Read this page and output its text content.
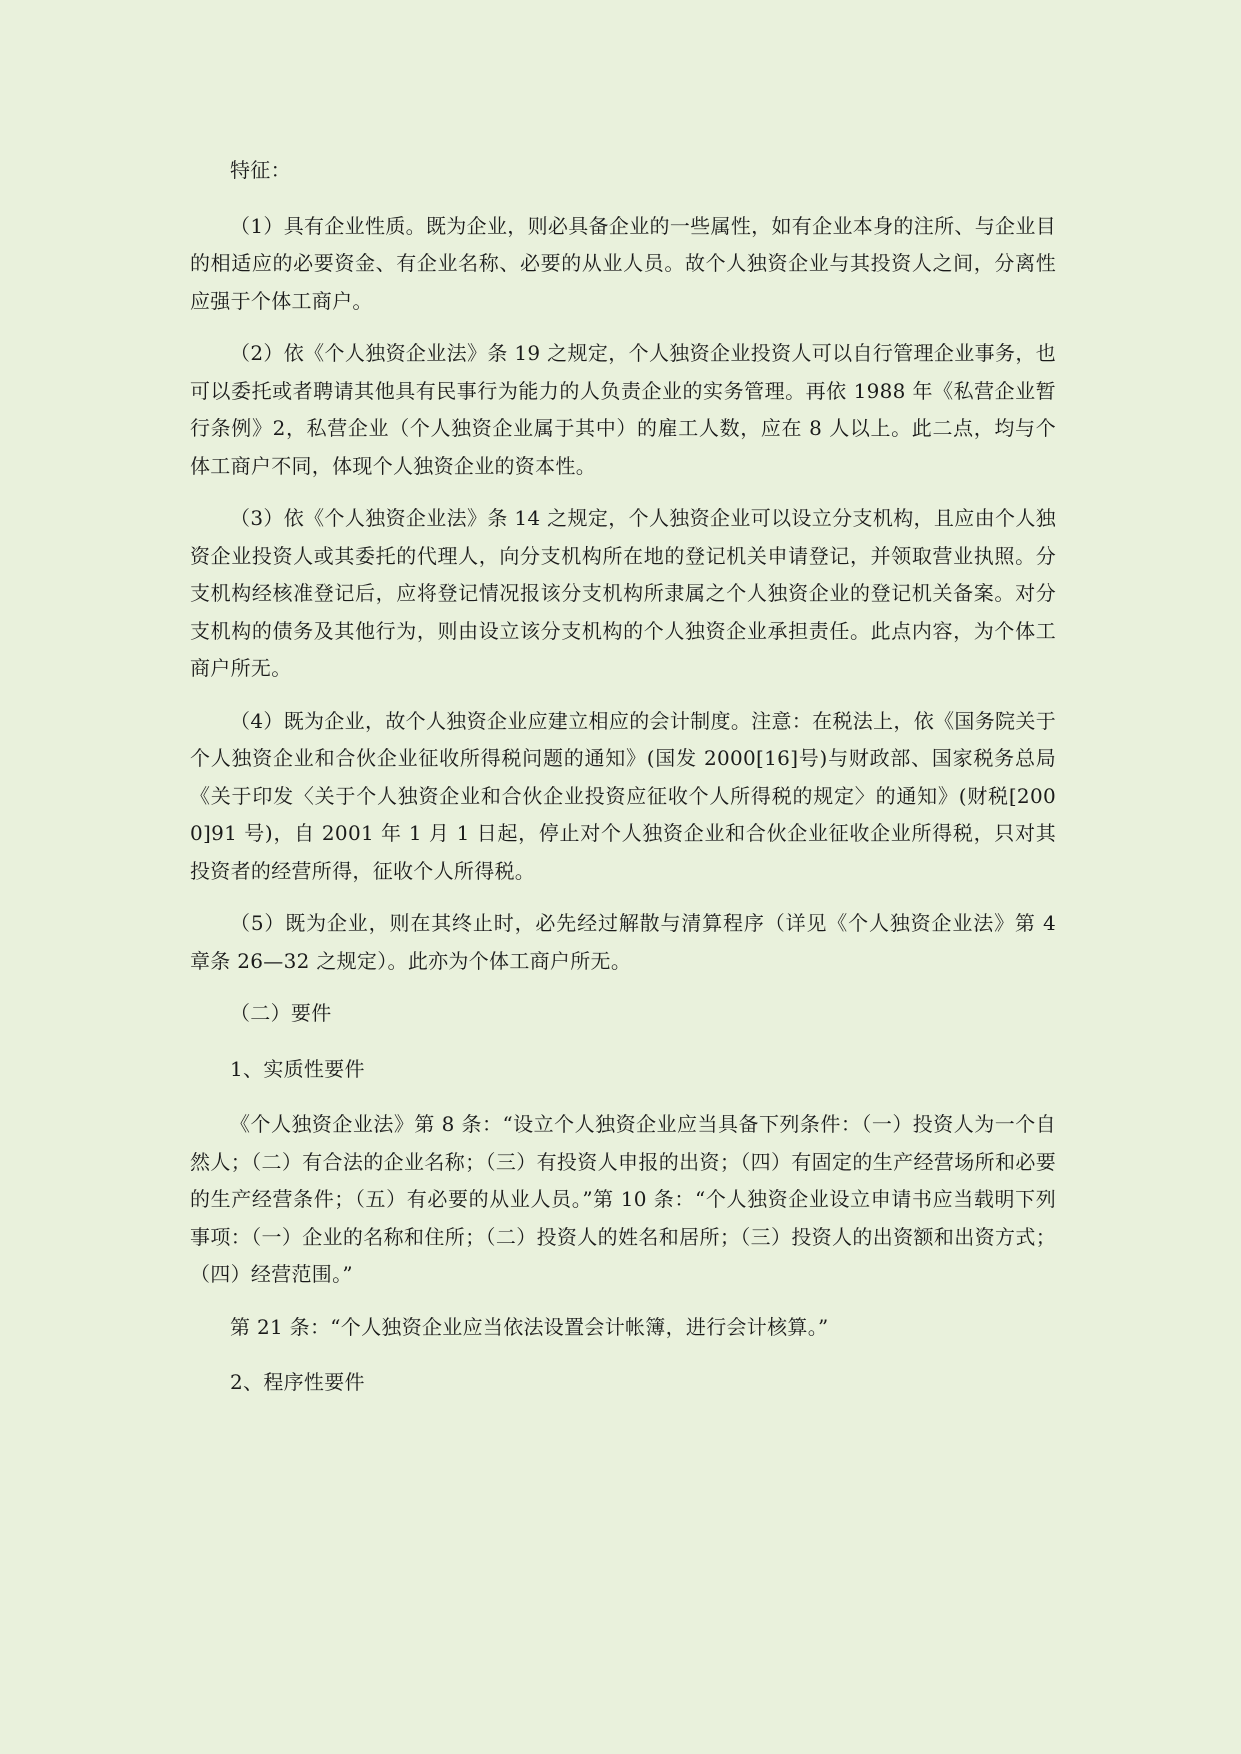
特征：

（1）具有企业性质。既为企业，则必具备企业的一些属性，如有企业本身的注所、与企业目的相适应的必要资金、有企业名称、必要的从业人员。故个人独资企业与其投资人之间，分离性应强于个体工商户。

（2）依《个人独资企业法》条 19 之规定，个人独资企业投资人可以自行管理企业事务，也可以委托或者聘请其他具有民事行为能力的人负责企业的实务管理。再依 1988 年《私营企业暂行条例》2，私营企业（个人独资企业属于其中）的雇工人数，应在 8 人以上。此二点，均与个体工商户不同，体现个人独资企业的资本性。

（3）依《个人独资企业法》条 14 之规定，个人独资企业可以设立分支机构，且应由个人独资企业投资人或其委托的代理人，向分支机构所在地的登记机关申请登记，并领取营业执照。分支机构经核准登记后，应将登记情况报该分支机构所隶属之个人独资企业的登记机关备案。对分支机构的债务及其他行为，则由设立该分支机构的个人独资企业承担责任。此点内容，为个体工商户所无。

（4）既为企业，故个人独资企业应建立相应的会计制度。注意：在税法上，依《国务院关于个人独资企业和合伙企业征收所得税问题的通知》(国发 2000[16]号)与财政部、国家税务总局《关于印发〈关于个人独资企业和合伙企业投资应征收个人所得税的规定〉的通知》(财税[2000]91 号)，自 2001 年 1 月 1 日起，停止对个人独资企业和合伙企业征收企业所得税，只对其投资者的经营所得，征收个人所得税。

（5）既为企业，则在其终止时，必先经过解散与清算程序（详见《个人独资企业法》第 4 章条 26—32 之规定）。此亦为个体工商户所无。

（二）要件

1、实质性要件

《个人独资企业法》第 8 条：“设立个人独资企业应当具备下列条件：（一）投资人为一个自然人；（二）有合法的企业名称；（三）有投资人申报的出资；（四）有固定的生产经营场所和必要的生产经营条件；（五）有必要的从业人员。”第 10 条：“个人独资企业设立申请书应当载明下列事项：（一）企业的名称和住所；（二）投资人的姓名和居所；（三）投资人的出资额和出资方式；（四）经营范围。”

第 21 条：“个人独资企业应当依法设置会计帐簿，进行会计核算。”

2、程序性要件
